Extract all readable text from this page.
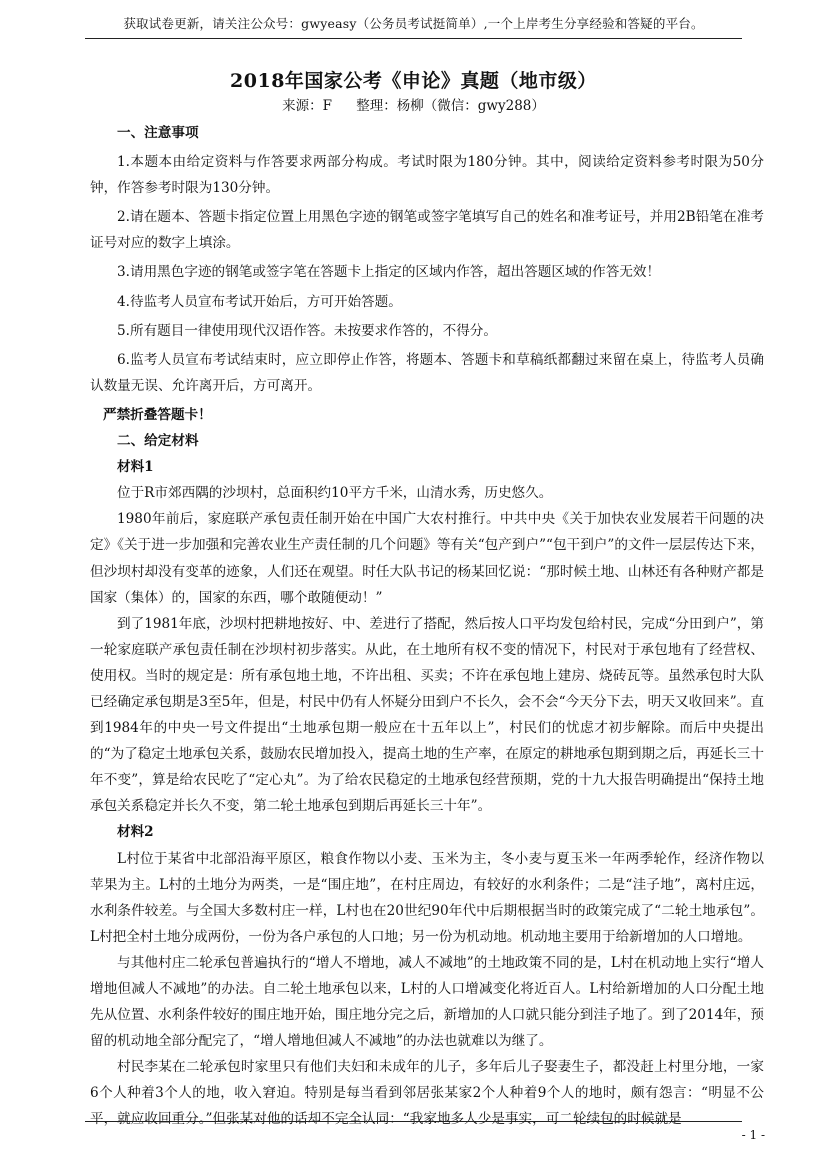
获取试卷更新，请关注公众号：gwyeasy（公务员考试挺简单）,一个上岸考生分享经验和答疑的平台。
2018年国家公考《申论》真题（地市级）
来源：F 整理：杨柳（微信：gwy288）

一、注意事项

1.本题本由给定资料与作答要求两部分构成。考试时限为180分钟。其中，阅读给定资料参考时限为50分钟，作答参考时限为130分钟。

2.请在题本、答题卡指定位置上用黑色字迹的钢笔或签字笔填写自己的姓名和准考证号，并用2B铅笔在准考证号对应的数字上填涂。

3.请用黑色字迹的钢笔或签字笔在答题卡上指定的区域内作答，超出答题区域的作答无效！

4.待监考人员宣布考试开始后，方可开始答题。

5.所有题目一律使用现代汉语作答。未按要求作答的，不得分。

6.监考人员宣布考试结束时，应立即停止作答，将题本、答题卡和草稿纸都翻过来留在桌上，待监考人员确认数量无误、允许离开后，方可离开。

严禁折叠答题卡！

二、给定材料

材料1

位于R市郊西隅的沙坝村，总面积约10平方千米，山清水秀，历史悠久。

1980年前后，家庭联产承包责任制开始在中国广大农村推行。中共中央《关于加快农业发展若干问题的决定》《关于进一步加强和完善农业生产责任制的几个问题》等有关“包产到户”“包干到户”的文件一层层传达下来，但沙坝村却没有变革的迹象，人们还在观望。时任大队书记的杨某回忆说：“那时候土地、山林还有各种财产都是国家（集体）的，国家的东西，哪个敢随便动！”

到了1981年底，沙坝村把耕地按好、中、差进行了搭配，然后按人口平均发包给村民，完成“分田到户”，第一轮家庭联产承包责任制在沙坝村初步落实。从此，在土地所有权不变的情况下，村民对于承包地有了经营权、使用权。当时的规定是：所有承包地土地，不许出租、买卖；不许在承包地上建房、烧砖瓦等。虽然承包时大队已经确定承包期是3至5年，但是，村民中仍有人怀疑分田到户不长久，会不会“今天分下去，明天又收回来”。直到1984年的中央一号文件提出“土地承包期一般应在十五年以上”，村民们的忧虑才初步解除。而后中央提出的“为了稳定土地承包关系，鼓励农民增加投入，提高土地的生产率，在原定的耕地承包期到期之后，再延长三十年不变”，算是给农民吃了“定心丸”。为了给农民稳定的土地承包经营预期，党的十九大报告明确提出“保持土地承包关系稳定并长久不变，第二轮土地承包到期后再延长三十年”。

材料2

L村位于某省中北部沿海平原区，粮食作物以小麦、玉米为主，冬小麦与夏玉米一年两季轮作，经济作物以苹果为主。L村的土地分为两类，一是“围庄地”，在村庄周边，有较好的水利条件；二是“洼子地”，离村庄远，水利条件较差。与全国大多数村庄一样，L村也在20世纪90年代中后期根据当时的政策完成了“二轮土地承包”。L村把全村土地分成两份，一份为各户承包的人口地；另一份为机动地。机动地主要用于给新增加的人口增地。

与其他村庄二轮承包普遍执行的“增人不增地，减人不减地”的土地政策不同的是，L村在机动地上实行“增人增地但减人不减地”的办法。自二轮土地承包以来，L村的人口增减变化将近百人。L村给新增加的人口分配土地先从位置、水利条件较好的围庄地开始，围庄地分完之后，新增加的人口就只能分到洼子地了。到了2014年，预留的机动地全部分配完了，“增人增地但减人不减地”的办法也就难以为继了。

村民李某在二轮承包时家里只有他们夫妇和未成年的儿子，多年后儿子娶妻生子，都没赶上村里分地，一家6个人种着3个人的地，收入窘迫。特别是每当看到邻居张某家2个人种着9个人的地时，颇有怨言：“明显不公平，就应收回重分。”但张某对他的话却不完全认同：“我家地多人少是事实，可二轮续包的时候就是

- 1 -
